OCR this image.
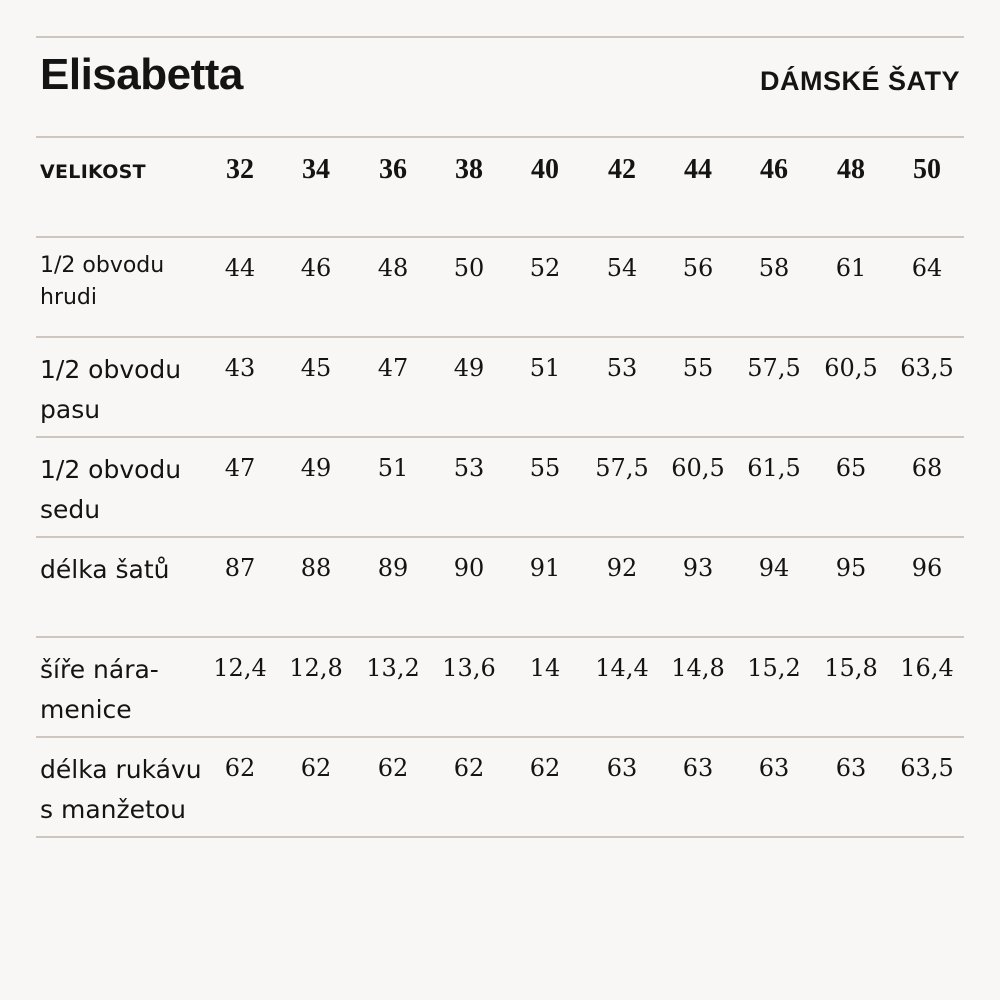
Elisabetta	DÁMSKÉ ŠATY
VELIKOST	32	34	36	38	40	42	44	46	48	50
1/2 obvodu
hrudi
44	46	48	50	52	54	56	58	61	64
1/2 obvodu
pasu
43	45	47	49	51	53	55	57,5 60,5 63,5
1/2 obvodu
sedu
47	49	51	53	55	57,5 60,5 61,5	65	68
délka šatů	87	88	89	90	91	92	93	94	95	96
šíře nára-
menice
12,4 12,8 13,2 13,6	14	14,4 14,8 15,2 15,8 16,4
délka rukávu
s manžetou
62	62	62	62	62	63	63	63	63	63,5
